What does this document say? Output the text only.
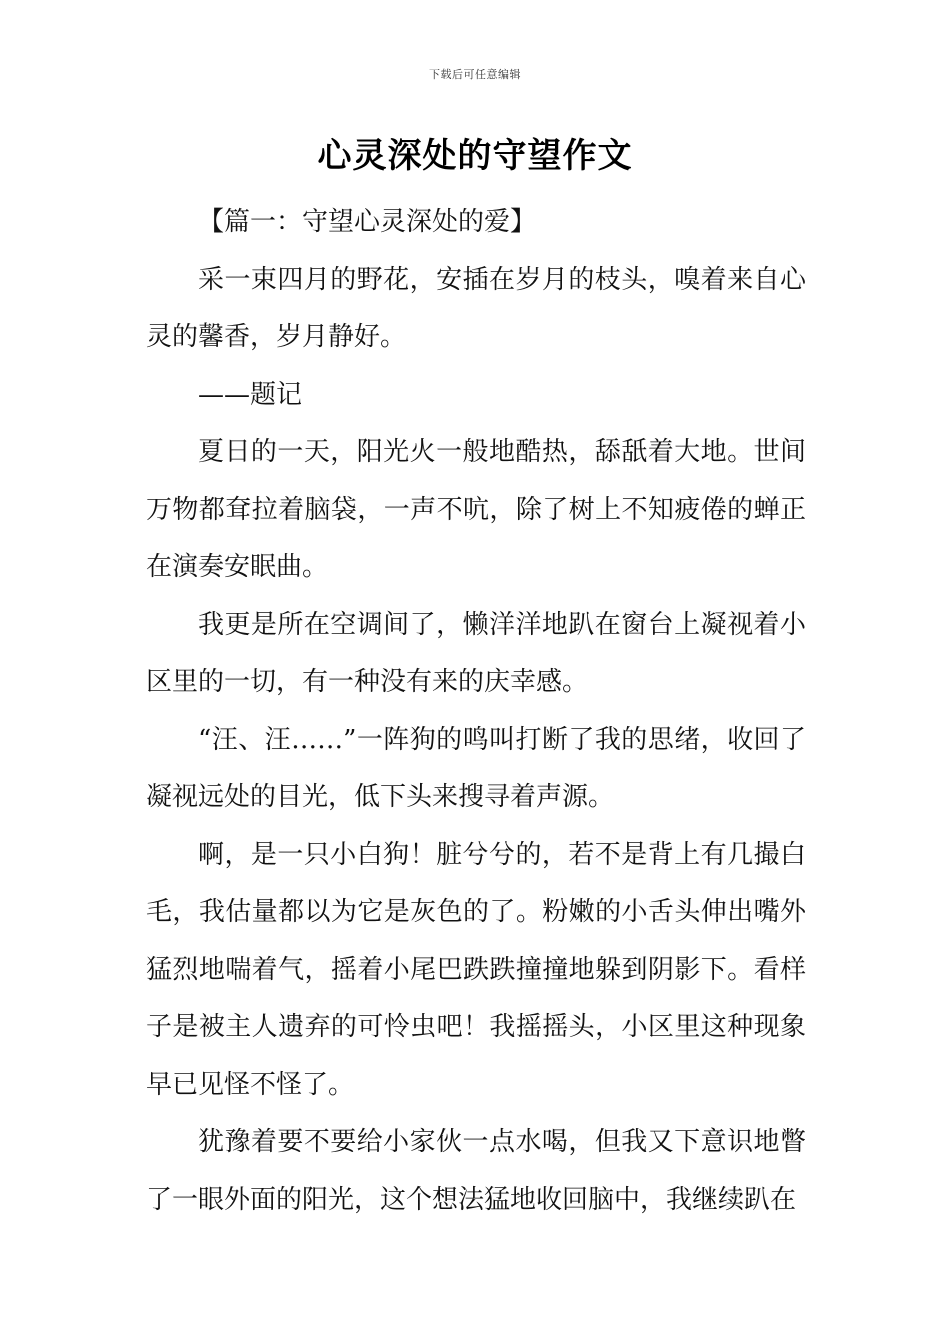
下载后可任意编辑
心灵深处的守望作文

【篇一：守望心灵深处的爱】

采一束四月的野花，安插在岁月的枝头，嗅着来自心灵的馨香，岁月静好。

——题记

夏日的一天，阳光火一般地酷热，舔舐着大地。世间万物都耷拉着脑袋，一声不吭，除了树上不知疲倦的蝉正在演奏安眠曲。

我更是所在空调间了，懒洋洋地趴在窗台上凝视着小区里的一切，有一种没有来的庆幸感。

“汪、汪……”一阵狗的鸣叫打断了我的思绪，收回了凝视远处的目光，低下头来搜寻着声源。

啊，是一只小白狗！脏兮兮的，若不是背上有几撮白毛，我估量都以为它是灰色的了。粉嫩的小舌头伸出嘴外猛烈地喘着气，摇着小尾巴跌跌撞撞地躲到阴影下。看样子是被主人遗弃的可怜虫吧！我摇摇头，小区里这种现象早已见怪不怪了。

犹豫着要不要给小家伙一点水喝，但我又下意识地瞥了一眼外面的阳光，这个想法猛地收回脑中，我继续趴在
